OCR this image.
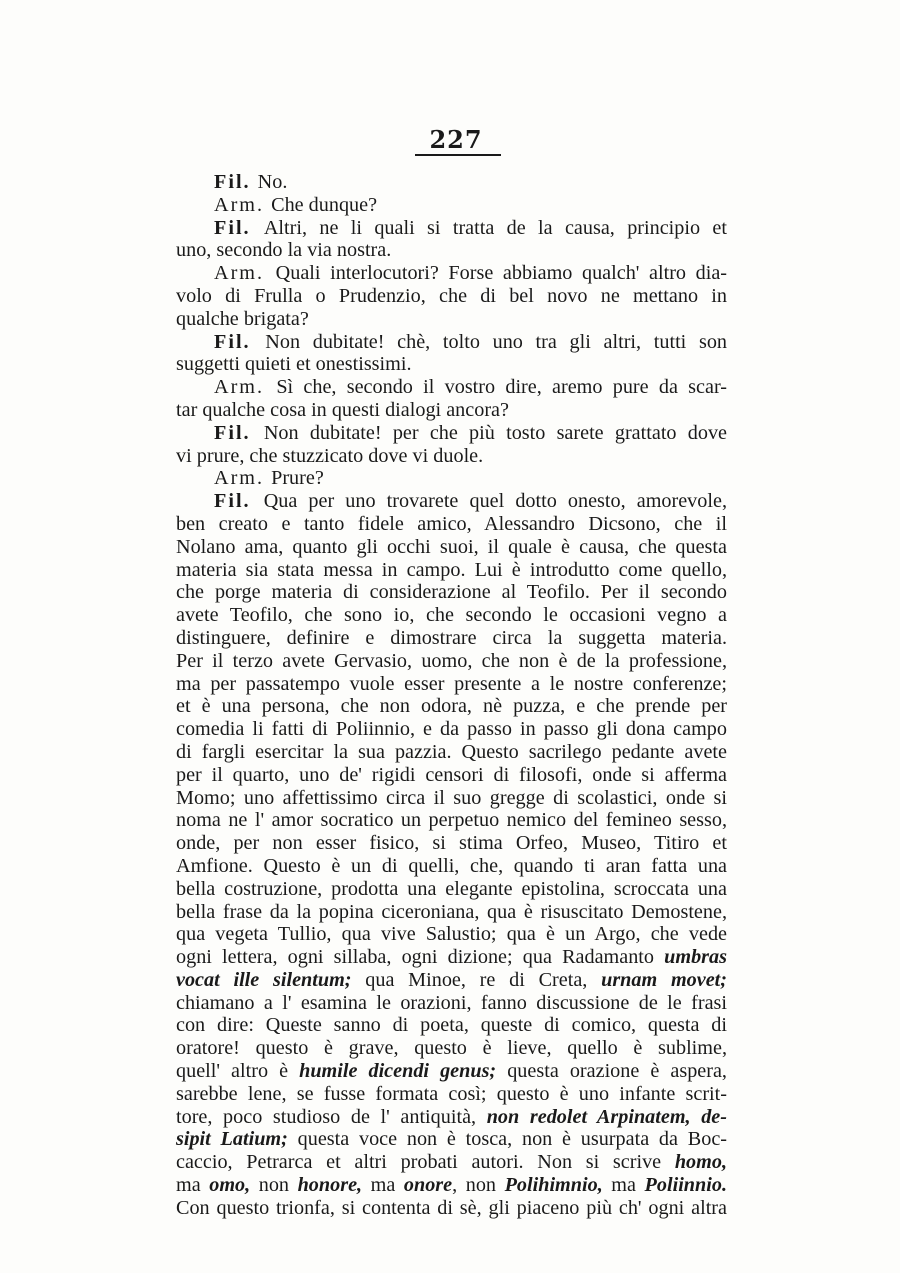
227
Fil. No.
Arm. Che dunque?
Fil. Altri, ne li quali si tratta de la causa, principio et
uno, secondo la via nostra.
Arm. Quali interlocutori? Forse abbiamo qualch' altro dia-
volo di Frulla o Prudenzio, che di bel novo ne mettano in
qualche brigata?
Fil. Non dubitate! chè, tolto uno tra gli altri, tutti son
suggetti quieti et onestissimi.
Arm. Sì che, secondo il vostro dire, aremo pure da scar-
tar qualche cosa in questi dialogi ancora?
Fil. Non dubitate! per che più tosto sarete grattato dove
vi prure, che stuzzicato dove vi duole.
Arm. Prure?
Fil. Qua per uno trovarete quel dotto onesto, amorevole,
ben creato e tanto fidele amico, Alessandro Dicsono, che il
Nolano ama, quanto gli occhi suoi, il quale è causa, che questa
materia sia stata messa in campo. Lui è introdutto come quello,
che porge materia di considerazione al Teofilo. Per il secondo
avete Teofilo, che sono io, che secondo le occasioni vegno a
distinguere, definire e dimostrare circa la suggetta materia.
Per il terzo avete Gervasio, uomo, che non è de la professione,
ma per passatempo vuole esser presente a le nostre conferenze;
et è una persona, che non odora, nè puzza, e che prende per
comedia li fatti di Poliinnio, e da passo in passo gli dona campo
di fargli esercitar la sua pazzia. Questo sacrilego pedante avete
per il quarto, uno de' rigidi censori di filosofi, onde si afferma
Momo; uno affettissimo circa il suo gregge di scolastici, onde si
noma ne l' amor socratico un perpetuo nemico del femineo sesso,
onde, per non esser fisico, si stima Orfeo, Museo, Titiro et
Amfione. Questo è un di quelli, che, quando ti aran fatta una
bella costruzione, prodotta una elegante epistolina, scroccata una
bella frase da la popina ciceroniana, qua è risuscitato Demostene,
qua vegeta Tullio, qua vive Salustio; qua è un Argo, che vede
ogni lettera, ogni sillaba, ogni dizione; qua Radamanto umbras
vocat ille silentum; qua Minoe, re di Creta, urnam movet;
chiamano a l' esamina le orazioni, fanno discussione de le frasi
con dire: Queste sanno di poeta, queste di comico, questa di
oratore! questo è grave, questo è lieve, quello è sublime,
quell' altro è humile dicendi genus; questa orazione è aspera,
sarebbe lene, se fusse formata così; questo è uno infante scrit-
tore, poco studioso de l' antiquità, non redolet Arpinatem, de-
sipit Latium; questa voce non è tosca, non è usurpata da Boc-
caccio, Petrarca et altri probati autori. Non si scrive homo,
ma omo, non honore, ma onore, non Polihimnio, ma Poliinnio.
Con questo trionfa, si contenta di sè, gli piaceno più ch' ogni altra
